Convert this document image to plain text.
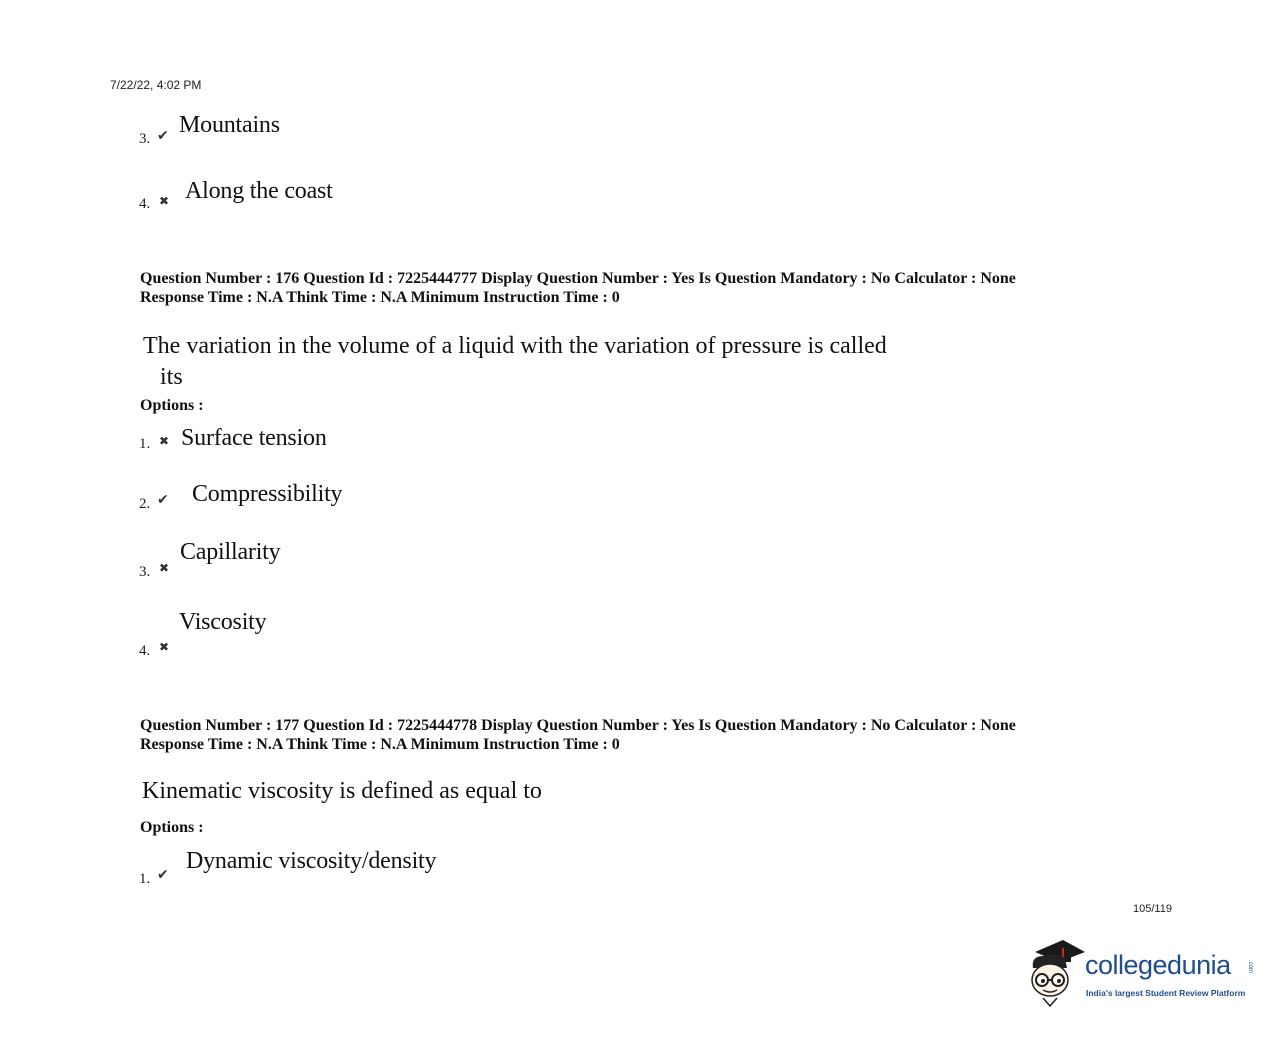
7/22/22, 4:02 PM
3. ✔ Mountains
4. ✖ Along the coast
Question Number : 176 Question Id : 7225444777 Display Question Number : Yes Is Question Mandatory : No Calculator : None
Response Time : N.A Think Time : N.A Minimum Instruction Time : 0
The variation in the volume of a liquid with the variation of pressure is called
its
Options :
1. ✖ Surface tension
2. ✔ Compressibility
3. ✖
Capillarity
4. ✖
Viscosity
Question Number : 177 Question Id : 7225444778 Display Question Number : Yes Is Question Mandatory : No Calculator : None
Response Time : N.A Think Time : N.A Minimum Instruction Time : 0
Kinematic viscosity is defined as equal to
Options :
1. ✔
Dynamic viscosity/density
105/119
collegedunia	.com
India's largest Student Review Platform
